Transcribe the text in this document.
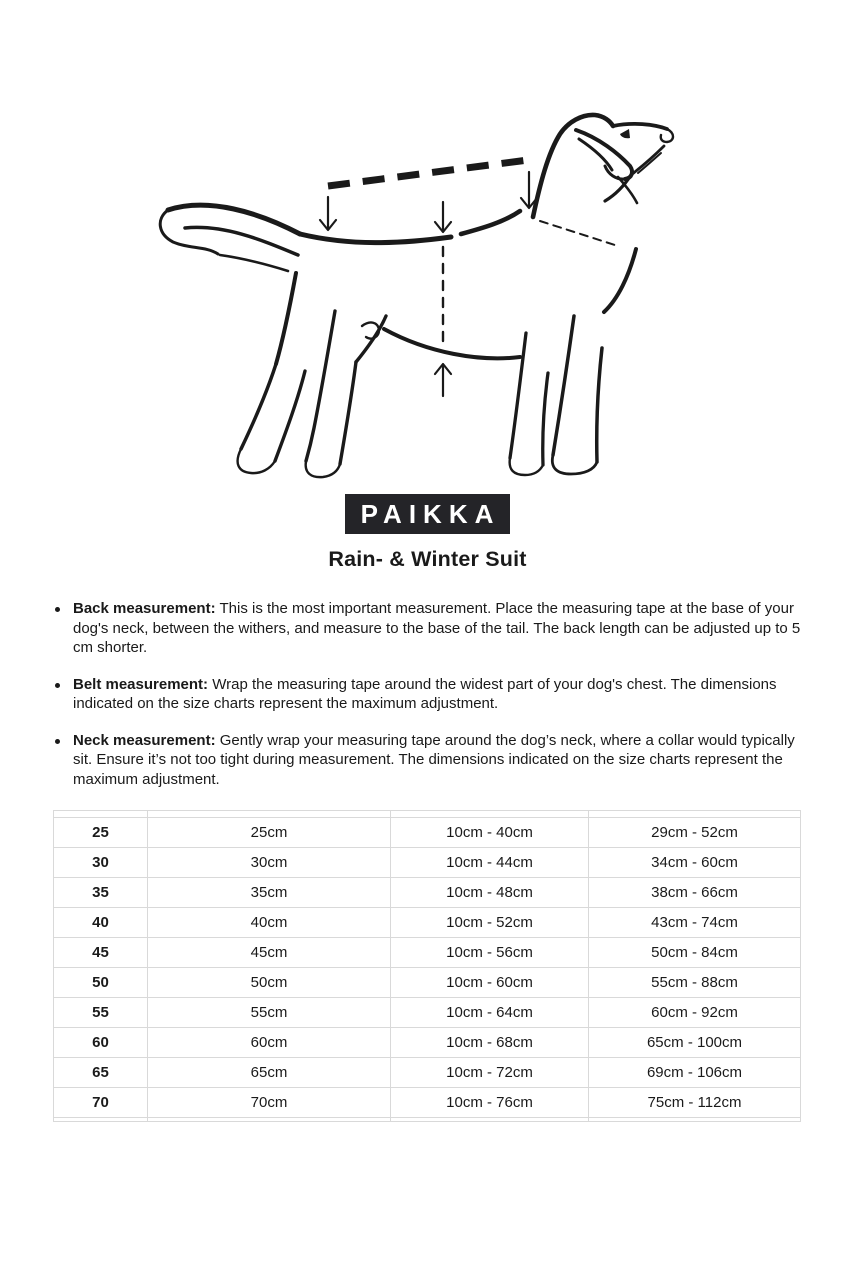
PAIKKA
Rain- & Winter Suit
Back measurement: This is the most important measurement. Place the measuring tape at the base of your dog's neck, between the withers, and measure to the base of the tail. The back length can be adjusted up to 5 cm shorter.
Belt measurement: Wrap the measuring tape around the widest part of your dog's chest. The dimensions indicated on the size charts represent the maximum adjustment.
Neck measurement: Gently wrap your measuring tape around the dog’s neck, where a collar would typically sit. Ensure it’s not too tight during measurement. The dimensions indicated on the size charts represent the maximum adjustment.

25	25cm	10cm - 40cm	29cm - 52cm
30	30cm	10cm - 44cm	34cm - 60cm
35	35cm	10cm - 48cm	38cm - 66cm
40	40cm	10cm - 52cm	43cm - 74cm
45	45cm	10cm - 56cm	50cm - 84cm
50	50cm	10cm - 60cm	55cm - 88cm
55	55cm	10cm - 64cm	60cm - 92cm
60	60cm	10cm - 68cm	65cm - 100cm
65	65cm	10cm - 72cm	69cm - 106cm
70	70cm	10cm - 76cm	75cm - 112cm
